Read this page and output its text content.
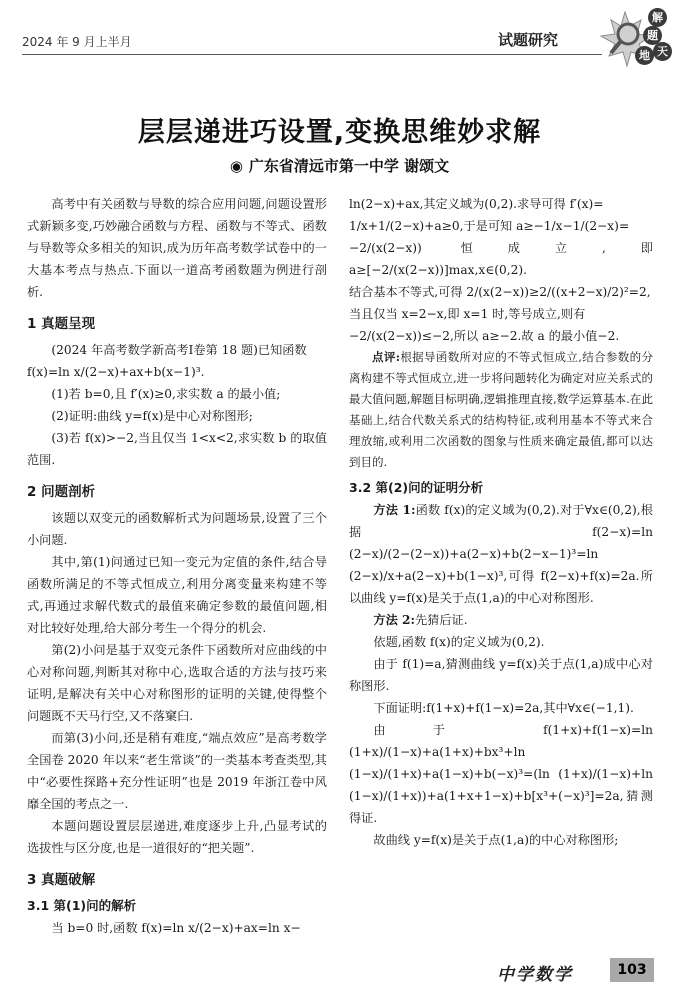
2024 年 9 月上半月	试题研究
解
题
天
地
层层递进巧设置,变换思维妙求解
◉ 广东省清远市第一中学 谢颂文

高考中有关函数与导数的综合应用问题,问题设置形式新颖多变,巧妙融合函数与方程、函数与不等式、函数与导数等众多相关的知识,成为历年高考数学试卷中的一大基本考点与热点.下面以一道高考函数题为例进行剖析.

1 真题呈现

(2024 年高考数学新高考Ⅰ卷第 18 题)已知函数

f(x)=ln x/(2−x)+ax+b(x−1)³.

(1)若 b=0,且 f′(x)≥0,求实数 a 的最小值;

(2)证明:曲线 y=f(x)是中心对称图形;

(3)若 f(x)>−2,当且仅当 1<x<2,求实数 b 的取值范围.

2 问题剖析

该题以双变元的函数解析式为问题场景,设置了三个小问题.

其中,第(1)问通过已知一变元为定值的条件,结合导函数所满足的不等式恒成立,利用分离变量来构建不等式,再通过求解代数式的最值来确定参数的最值问题,相对比较好处理,给大部分考生一个得分的机会.

第(2)小问是基于双变元条件下函数所对应曲线的中心对称问题,判断其对称中心,选取合适的方法与技巧来证明,是解决有关中心对称图形的证明的关键,使得整个问题既不天马行空,又不落窠臼.

而第(3)小问,还是稍有难度,“端点效应”是高考数学全国卷 2020 年以来“老生常谈”的一类基本考查类型,其中“必要性探路+充分性证明”也是 2019 年浙江卷中风靡全国的考点之一.

本题问题设置层层递进,难度逐步上升,凸显考试的选拔性与区分度,也是一道很好的“把关题”.

3 真题破解

3.1 第(1)问的解析

当 b=0 时,函数 f(x)=ln x/(2−x)+ax=ln x−

ln(2−x)+ax,其定义域为(0,2).求导可得 f′(x)=

1/x+1/(2−x)+a≥0,于是可知 a≥−1/x−1/(2−x)=

−2/(x(2−x)) 恒成立,即 a≥[−2/(x(2−x))]max,x∈(0,2).

结合基本不等式,可得 2/(x(2−x))≥2/((x+2−x)/2)²=2,

当且仅当 x=2−x,即 x=1 时,等号成立,则有

−2/(x(2−x))≤−2,所以 a≥−2.故 a 的最小值−2.

点评:根据导函数所对应的不等式恒成立,结合参数的分离构建不等式恒成立,进一步将问题转化为确定对应关系式的最大值问题,解题目标明确,逻辑推理直接,数学运算基本.在此基础上,结合代数关系式的结构特征,或利用基本不等式来合理放缩,或利用二次函数的图象与性质来确定最值,都可以达到目的.

3.2 第(2)问的证明分析

方法 1:函数 f(x)的定义域为(0,2).对于∀x∈(0,2),根据 f(2−x)=ln (2−x)/(2−(2−x))+a(2−x)+b(2−x−1)³=ln (2−x)/x+a(2−x)+b(1−x)³,可得 f(2−x)+f(x)=2a.所以曲线 y=f(x)是关于点(1,a)的中心对称图形.

方法 2:先猜后证.

依题,函数 f(x)的定义域为(0,2).

由于 f(1)=a,猜测曲线 y=f(x)关于点(1,a)成中心对称图形.

下面证明:f(1+x)+f(1−x)=2a,其中∀x∈(−1,1).

由于 f(1+x)+f(1−x)=ln (1+x)/(1−x)+a(1+x)+bx³+ln (1−x)/(1+x)+a(1−x)+b(−x)³=(ln (1+x)/(1−x)+ln (1−x)/(1+x))+a(1+x+1−x)+b[x³+(−x)³]=2a,猜测得证.

故曲线 y=f(x)是关于点(1,a)的中心对称图形;

中学数学	103
